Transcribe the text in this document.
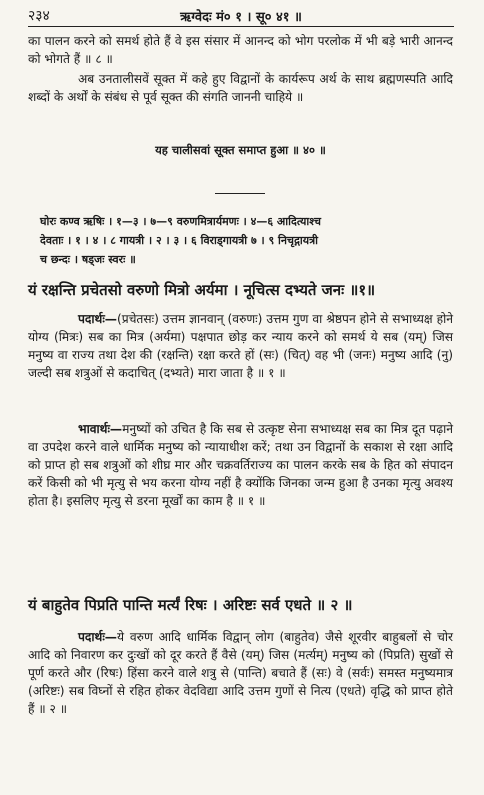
२३४	ऋग्वेदः मं० १ । सू० ४१ ॥
का पालन करने को समर्थ होते हैं वे इस संसार में आनन्द को भोग परलोक में भी बड़े भारी आनन्द को भोगते हैं ॥ ८ ॥
अब उनतालीसवें सूक्त में कहे हुए विद्वानों के कार्यरूप अर्थ के साथ ब्रह्मणस्पति आदि शब्दों के अर्थों के संबंध से पूर्व सूक्त की संगति जाननी चाहिये ॥
यह चालीसवां सूक्त समाप्त हुआ ॥ ४० ॥
घोरः कण्व ऋषिः । १—३ । ७—९ वरुणमित्रार्यमणः । ४—६ आदित्याश्च
देवताः । १ । ४ । ८ गायत्री । २ । ३ । ६ विराड्गायत्री ७ । ९ निचृद्गायत्री
च छन्दः । षड्जः स्वरः ॥
यं रक्षन्ति प्रचेतसो वरुणो मित्रो अर्यमा । नूचित्स दभ्यते जनः ॥१॥
पदार्थः—(प्रचेतसः) उत्तम ज्ञानवान् (वरुणः) उत्तम गुण वा श्रेष्ठपन होने से सभाध्यक्ष होने योग्य (मित्रः) सब का मित्र (अर्यमा) पक्षपात छोड़ कर न्याय करने को समर्थ ये सब (यम्) जिस मनुष्य वा राज्य तथा देश की (रक्षन्ति) रक्षा करते हों (सः) (चित्) वह भी (जनः) मनुष्य आदि (नु) जल्दी सब शत्रुओं से कदाचित् (दभ्यते) मारा जाता है ॥ १ ॥
भावार्थः—मनुष्यों को उचित है कि सब से उत्कृष्ट सेना सभाध्यक्ष सब का मित्र दूत पढ़ाने वा उपदेश करने वाले धार्मिक मनुष्य को न्यायाधीश करें; तथा उन विद्वानों के सकाश से रक्षा आदि को प्राप्त हो सब शत्रुओं को शीघ्र मार और चक्रवर्तिराज्य का पालन करके सब के हित को संपादन करें किसी को भी मृत्यु से भय करना योग्य नहीं है क्योंकि जिनका जन्म हुआ है उनका मृत्यु अवश्य होता है। इसलिए मृत्यु से डरना मूर्खों का काम है ॥ १ ॥
यं बाहुतेव पिप्रति पान्ति मर्त्यं रिषः । अरिष्टः सर्व एधते ॥ २ ॥
पदार्थः—ये वरुण आदि धार्मिक विद्वान् लोग (बाहुतेव) जैसे शूरवीर बाहुबलों से चोर आदि को निवारण कर दुःखों को दूर करते हैं वैसे (यम्) जिस (मर्त्यम्) मनुष्य को (पिप्रति) सुखों से पूर्ण करते और (रिषः) हिंसा करने वाले शत्रु से (पान्ति) बचाते हैं (सः) वे (सर्वः) समस्त मनुष्यमात्र (अरिष्टः) सब विघ्नों से रहित होकर वेदविद्या आदि उत्तम गुणों से नित्य (एधते) वृद्धि को प्राप्त होते हैं ॥ २ ॥
